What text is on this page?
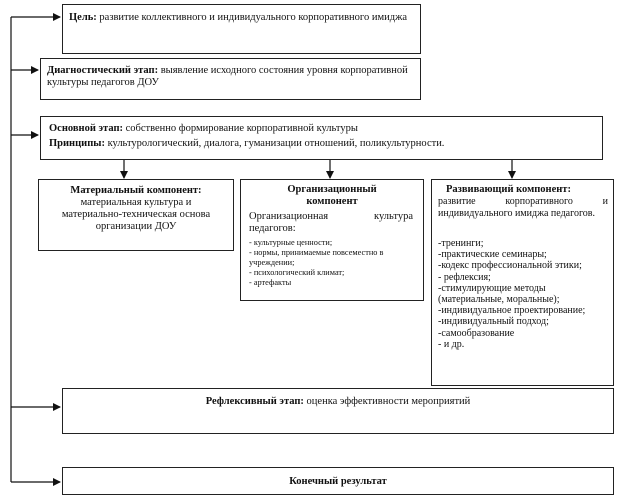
Цель: развитие коллективного и индивидуального корпоративного имиджа
Диагностический этап: выявление исходного состояния уровня корпоративной культуры педагогов ДОУ
Основной этап: собственно формирование корпоративной культуры
Принципы: культурологический, диалога, гуманизации отношений, поликультурности.
Материальный компонент:
материальная культура и
материально-техническая основа
организации ДОУ
Организационный
компонент
Организационная культура педагогов:
- культурные ценности;
- нормы, принимаемые повсеместно в учреждении;
- психологический климат;
- артефакты
Развивающий компонент:
развитие корпоративного и индивидуального имиджа педагогов.
-тренинги;
-практические семинары;
-кодекс профессиональной этики;
- рефлексия;
-стимулирующие методы (материальные, моральные);
-индивидуальное проектирование;
-индивидуальный подход;
-самообразование
- и др.
Рефлексивный этап: оценка эффективности мероприятий
Конечный результат
